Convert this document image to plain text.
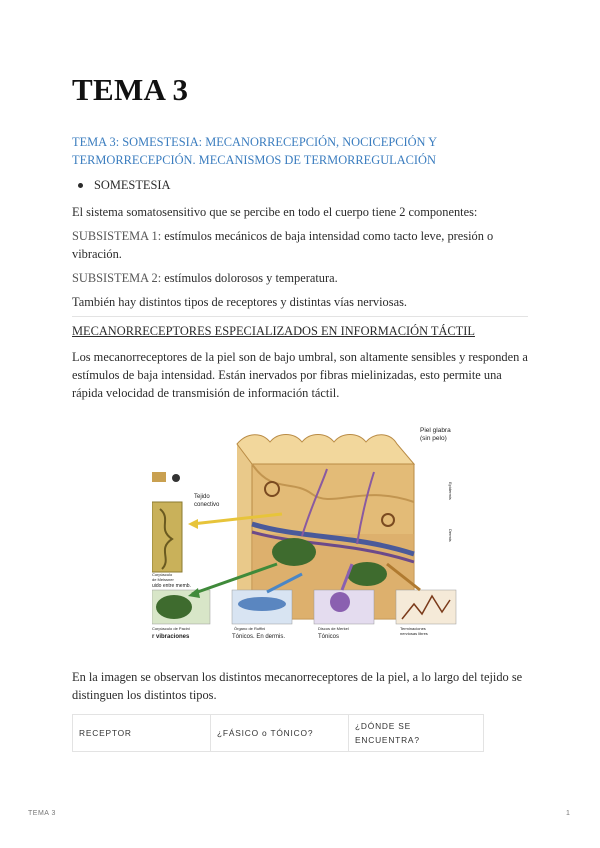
TEMA 3

TEMA 3: SOMESTESIA: MECANORRECEPCIÓN, NOCICEPCIÓN Y TERMORRECEPCIÓN. MECANISMOS DE TERMORREGULACIÓN

SOMESTESIA

El sistema somatosensitivo que se percibe en todo el cuerpo tiene 2 componentes:

SUBSISTEMA 1: estímulos mecánicos de baja intensidad como tacto leve, presión o vibración.

SUBSISTEMA 2: estímulos dolorosos y temperatura.

También hay distintos tipos de receptores y distintas vías nerviosas.

MECANORRECEPTORES ESPECIALIZADOS EN INFORMACIÓN TÁCTIL

Los mecanorreceptores de la piel son de bajo umbral, son altamente sensibles y responden a estímulos de baja intensidad. Están inervados por fibras mielinizadas, esto permite una rápida velocidad de transmisión de información táctil.

Piel glabra
(sin pelo)
Epidermis
Dermis
Tejido
conectivo
Corpúsculo
de Meissner
uido entre memb.
Corpúsculo de Pacini
r vibraciones
Órgano de Ruffini
Tónicos. En dermis.
Discos de Merkel
Tónicos
Terminaciones
nerviosas libres

En la imagen se observan los distintos mecanorreceptores de la piel, a lo largo del tejido se distinguen los distintos tipos.

RECEPTOR	¿FÁSICO o TÓNICO?	¿DÓNDE SE ENCUENTRA?
TEMA 3	1
